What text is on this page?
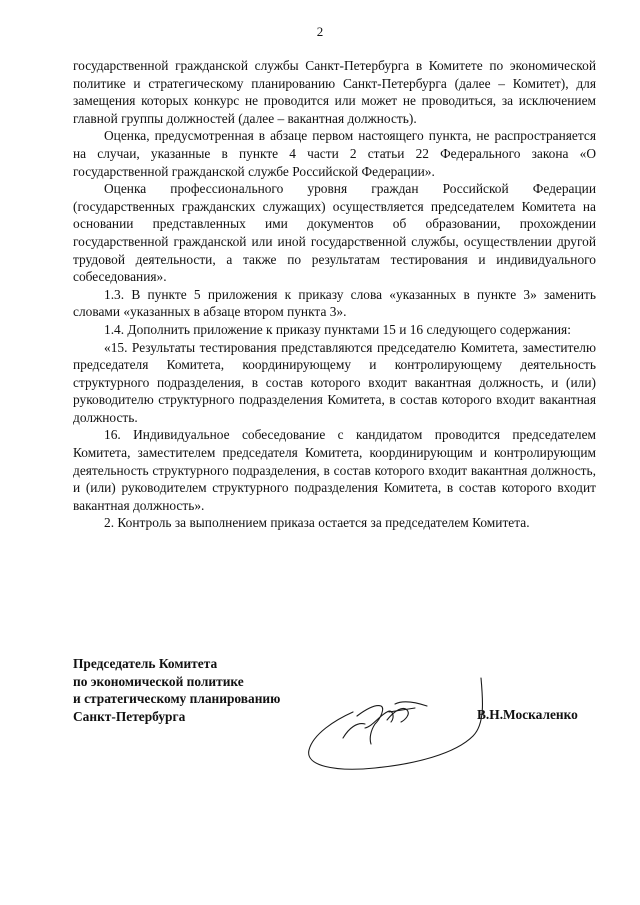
2

государственной гражданской службы Санкт-Петербурга в Комитете по экономической политике и стратегическому планированию Санкт-Петербурга (далее – Комитет), для замещения которых конкурс не проводится или может не проводиться, за исключением главной группы должностей (далее – вакантная должность).

Оценка, предусмотренная в абзаце первом настоящего пункта, не распространяется на случаи, указанные в пункте 4 части 2 статьи 22 Федерального закона «О государственной гражданской службе Российской Федерации».

Оценка профессионального уровня граждан Российской Федерации (государственных гражданских служащих) осуществляется председателем Комитета на основании представленных ими документов об образовании, прохождении государственной гражданской или иной государственной службы, осуществлении другой трудовой деятельности, а также по результатам тестирования и индивидуального собеседования».

1.3. В пункте 5 приложения к приказу слова «указанных в пункте 3» заменить словами «указанных в абзаце втором пункта 3».

1.4. Дополнить приложение к приказу пунктами 15 и 16 следующего содержания:

«15. Результаты тестирования представляются председателю Комитета, заместителю председателя Комитета, координирующему и контролирующему деятельность структурного подразделения, в состав которого входит вакантная должность, и (или) руководителю структурного подразделения Комитета, в состав которого входит вакантная должность.

16. Индивидуальное собеседование с кандидатом проводится председателем Комитета, заместителем председателя Комитета, координирующим и контролирующим деятельность структурного подразделения, в состав которого входит вакантная должность, и (или) руководителем структурного подразделения Комитета, в состав которого входит вакантная должность».

2. Контроль за выполнением приказа остается за председателем Комитета.

Председатель Комитета
по экономической политике
и стратегическому планированию
Санкт-Петербурга	В.Н.Москаленко
